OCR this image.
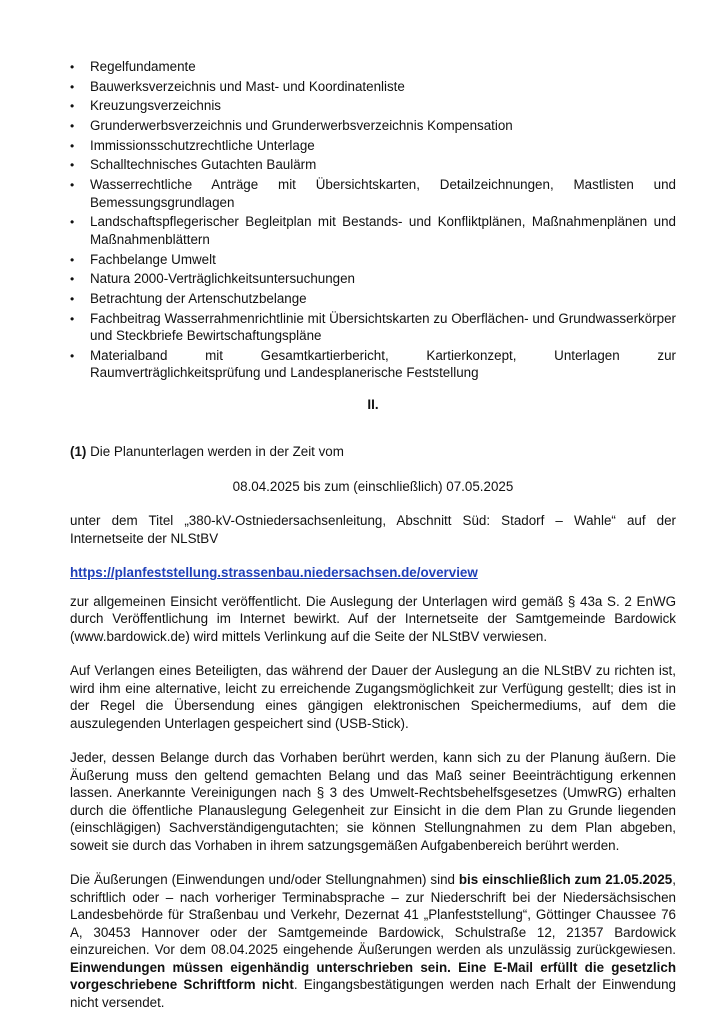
•
Regelfundamente
•
Bauwerksverzeichnis und Mast- und Koordinatenliste
•
Kreuzungsverzeichnis
•
Grunderwerbsverzeichnis und Grunderwerbsverzeichnis Kompensation
•
Immissionsschutzrechtliche Unterlage
•
Schalltechnisches Gutachten Baulärm
•
Wasserrechtliche Anträge mit Übersichtskarten, Detailzeichnungen, Mastlisten und Bemessungsgrundlagen
•
Landschaftspflegerischer Begleitplan mit Bestands- und Konfliktplänen, Maßnahmenplänen und Maßnahmenblättern
•
Fachbelange Umwelt
•
Natura 2000-Verträglichkeitsuntersuchungen
•
Betrachtung der Artenschutzbelange
•
Fachbeitrag Wasserrahmenrichtlinie mit Übersichtskarten zu Oberflächen- und Grundwasserkörper und Steckbriefe Bewirtschaftungspläne
•
Materialband mit Gesamtkartierbericht, Kartierkonzept, Unterlagen zur Raumverträglichkeitsprüfung und Landesplanerische Feststellung
II.

(1) Die Planunterlagen werden in der Zeit vom

08.04.2025 bis zum (einschließlich) 07.05.2025

unter dem Titel „380-kV-Ostniedersachsenleitung, Abschnitt Süd: Stadorf – Wahle“ auf der Internetseite der NLStBV

https://planfeststellung.strassenbau.niedersachsen.de/overview

zur allgemeinen Einsicht veröffentlicht. Die Auslegung der Unterlagen wird gemäß § 43a S. 2 EnWG durch Veröffentlichung im Internet bewirkt. Auf der Internetseite der Samtgemeinde Bardowick (www.bardowick.de) wird mittels Verlinkung auf die Seite der NLStBV verwiesen.

Auf Verlangen eines Beteiligten, das während der Dauer der Auslegung an die NLStBV zu richten ist, wird ihm eine alternative, leicht zu erreichende Zugangsmöglichkeit zur Verfügung gestellt; dies ist in der Regel die Übersendung eines gängigen elektronischen Speichermediums, auf dem die auszulegenden Unterlagen gespeichert sind (USB-Stick).

Jeder, dessen Belange durch das Vorhaben berührt werden, kann sich zu der Planung äußern. Die Äußerung muss den geltend gemachten Belang und das Maß seiner Beeinträchtigung erkennen lassen. Anerkannte Vereinigungen nach § 3 des Umwelt-Rechtsbehelfsgesetzes (UmwRG) erhalten durch die öffentliche Planauslegung Gelegenheit zur Einsicht in die dem Plan zu Grunde liegenden (einschlägigen) Sachverständigengutachten; sie können Stellungnahmen zu dem Plan abgeben, soweit sie durch das Vorhaben in ihrem satzungsgemäßen Aufgabenbereich berührt werden.

Die Äußerungen (Einwendungen und/oder Stellungnahmen) sind bis einschließlich zum 21.05.2025, schriftlich oder – nach vorheriger Terminabsprache – zur Niederschrift bei der Niedersächsischen Landesbehörde für Straßenbau und Verkehr, Dezernat 41 „Planfeststellung“, Göttinger Chaussee 76 A, 30453 Hannover oder der Samtgemeinde Bardowick, Schulstraße 12, 21357 Bardowick einzureichen. Vor dem 08.04.2025 eingehende Äußerungen werden als unzulässig zurückgewiesen. Einwendungen müssen eigenhändig unterschrieben sein. Eine E-Mail erfüllt die gesetzlich vorgeschriebene Schriftform nicht. Eingangsbestätigungen werden nach Erhalt der Einwendung nicht versendet.
